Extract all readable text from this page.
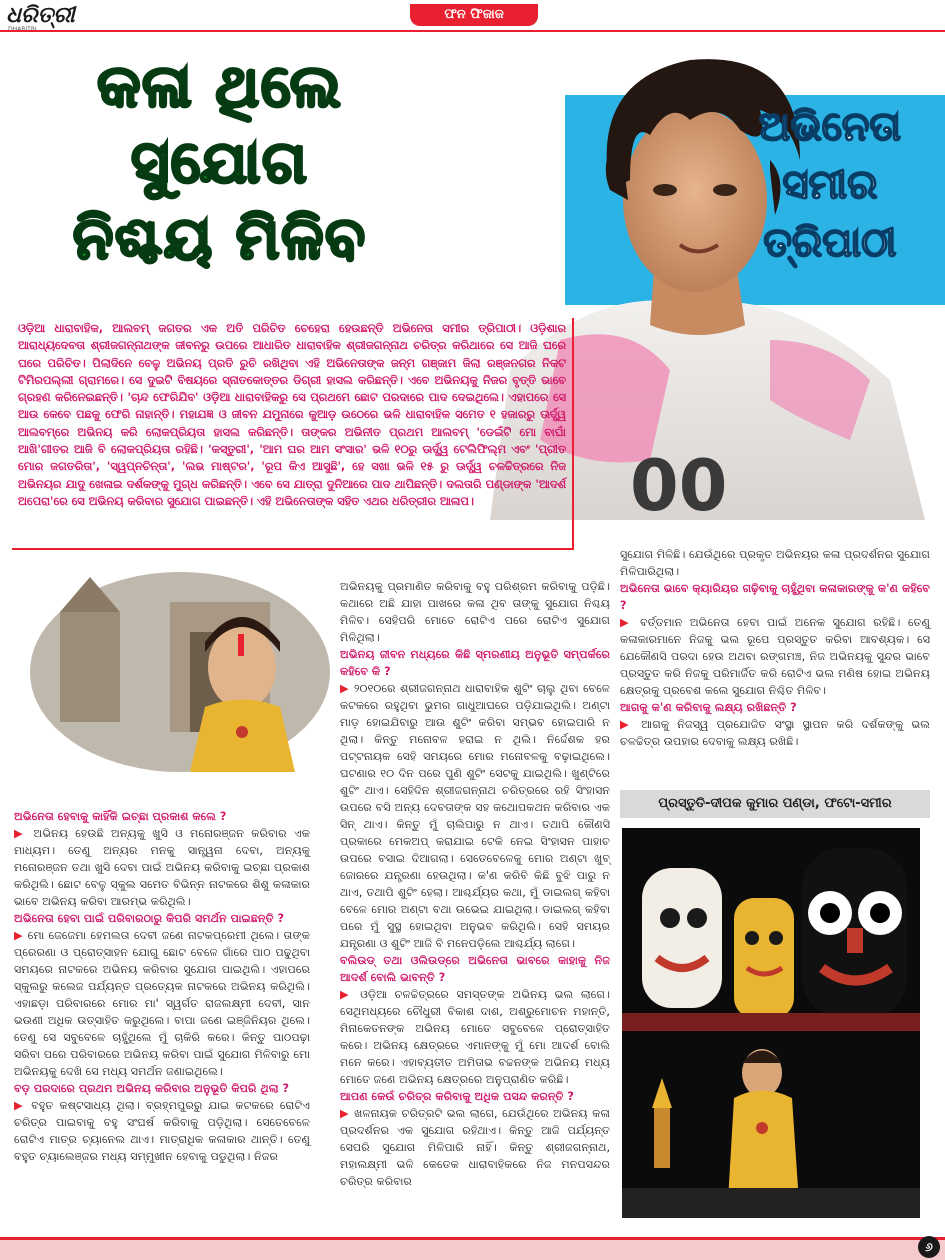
ଧରିତ୍ରୀ	ଫନ ଫିଜାଜ
କଳା ଥିଲେ
ସୁଯୋଗ
ନିଶ୍ଚୟ ମିଳିବ
00
ଅଭିନେତା
ସମୀର
ତ୍ରିପାଠୀ
ଓଡ଼ିଆ ଧାରାବାହିକ, ଆଲବମ୍ ଜଗତର ଏକ ଅତି ପରିଚିତ ଚେହେରା ହେଉଛନ୍ତି ଅଭିନେତା ସମୀର ତ୍ରିପାଠୀ। ଓଡ଼ିଶାର ଆରାଧ୍ୟଦେବତା ଶ୍ରୀଜଗନ୍ନାଥଙ୍କ ଜୀବନରୁ ଉପରେ ଆଧାରିତ ଧାରାବାହିକ ଶ୍ରୀଜଗନ୍ନାଥ ଚରିତ୍ର କରିଥାରେ ସେ ଆଜି ଘରେ ଘରେ ପରିଚିତ। ପିଲାଦିନେ ବେଳୁ ଅଭିନୟ ପ୍ରତି ରୁଚି ରଖିଥିବା ଏହି ଅଭିନେତାଙ୍କ ଜନ୍ମ ଗଞ୍ଜାମ ଜିଲା ରଞ୍ଜନଗର ନିକଟ ଟିମିରପଲ୍ଲୀ ଗ୍ରାମରେ। ସେ ଦୁଇଟି ବିଷୟରେ ସ୍ନାତକୋତ୍ତର ଡିଗ୍ରୀ ହାସଲ କରିଛନ୍ତି। ଏବେ ଅଭିନୟକୁ ନିଜର ବୃତ୍ତି ଭାବେ ଗ୍ରହଣ କରିନେଇଛନ୍ତି। 'ଚାନ୍ଦ ଫେରିଯିବ' ଓଡ଼ିଆ ଧାରାବାହିକରୁ ସେ ପ୍ରଥମେ ଛୋଟ ପରଦାରେ ପାଦ ଦେଇଥିଲେ। ଏହାପରେ ସେ ଆଉ କେବେ ପଛକୁ ଫେରି ନାହାନ୍ତି। ମହାଯଜ୍ଞ ଓ ଜୀବନ ଯମୁନାରେ କୁଆଡ଼ ଉଠେରେ ଭଳି ଧାରାବାହିକ ସମେତ ୧ ହଜାରରୁ ଊର୍ଦ୍ଧ୍ୱ ଆଲବମ୍‌ରେ ଅଭିନୟ କରି ଲୋକପ୍ରିୟତା ହାସଲ କରିଛନ୍ତି। ତାଙ୍କର ଅଭିନୀତ ପ୍ରଥମ ଆଲବମ୍ 'ଡେଇଁଟି ମୋ ବାଘାଁ ଆଖି'ଗୀତର ଆଜି ବି ଲୋକପ୍ରିୟତା ରହିଛି। 'କସ୍ତୁରୀ', 'ଆମ ଘର ଆମ ସଂସାର' ଭଳି ୧୦ରୁ ଊର୍ଦ୍ଧ୍ୱ ଟେଲିଫିଲ୍ମ ଏବଂ 'ପ୍ରୀତ ମୋର ଜଗତରିତା', 'ସ୍ୱପ୍ନଚିନ୍ତା', 'ଲଭ ମାଷ୍ଟର', 'ରୂପ କିଏ ଆସୁଛି', ହେ ସଖା ଭଳି ୧୫ ରୁ ଊର୍ଦ୍ଧ୍ୱ ଚଳଚ୍ଚିତ୍ରରେ ନିଜ ଅଭିନୟର ଯାଦୁ ଖେଳାଇ ଦର୍ଶକଙ୍କୁ ମୁଗ୍ଧ କରିଛନ୍ତି। ଏବେ ସେ ଯାତ୍ରା ଦୁନିଆରେ ପାଦ ଥାପିଛନ୍ତି। ଦଲତାରି ପଣ୍ଡାଙ୍କ 'ଆଦର୍ଶ ଅପେରା'ରେ ସେ ଅଭିନୟ କରିବାର ସୁଯୋଗ ପାଇଛନ୍ତି। ଏହି ଅଭିନେତାଙ୍କ ସହିତ ଏଥର ଧରିତ୍ରୀର ଆଳାପ।
ଅଭିନେତା ହେବାକୁ କାହିଁକି ଇଚ୍ଛା ପ୍ରକାଶ କଲେ ?
▶ ଅଭିନୟ ହେଉଛି ଅନ୍ୟକୁ ଖୁସି ଓ ମନୋରଞ୍ଜନ କରିବାର ଏକ ମାଧ୍ୟମ। ତେଣୁ ଅନ୍ୟର ମନକୁ ସାନ୍ତ୍ୱନା ଦେବା, ଅନ୍ୟକୁ ମନୋରଞ୍ଜନ ତଥା ଖୁସି ଦେବା ପାଇଁ ଅଭିନୟ କରିବାକୁ ଇଚ୍ଛା ପ୍ରକାଶ କରିଥିଲି। ଛୋଟ ବେଳୁ ସ୍କୁଲ ସମେତ ବିଭିନ୍ନ ନାଟକରେ ଶିଶୁ କଳାକାର ଭାବେ ଅଭିନୟ କରିବା ଆରମ୍ଭ କରିଥିଲି।
ଅଭିନେତା ହେବା ପାଇଁ ପରିବାରଠାରୁ କିପରି ସମର୍ଥନ ପାଇଛନ୍ତି ?
▶ ମୋ ଜେଜେମା ହେମଲତା ଦେବୀ ଜଣେ ନାଟକପ୍ରେମୀ ଥିଲେ। ତାଙ୍କ ପ୍ରେରଣା ଓ ପ୍ରୋତ୍ସାହନ ଯୋଗୁ ଛୋଟ ବେଳେ ଗାଁରେ ପାଠ ପଢୁଥିବା ସମୟରେ ନାଟକରେ ଅଭିନୟ କରିବାର ସୁଯୋଗ ପାଇଥିଲି। ଏହାପରେ ସ୍କୁଲରୁ କଲେଜ ପର୍ଯ୍ୟନ୍ତ ପ୍ରତ୍ୟେକ ନାଟକରେ ଅଭିନୟ କରିଥିଲି। ଏହାଛଡ଼ା ପରିବାରରେ ମୋର ମା' ସ୍ୱର୍ଗତ ରାଜଲକ୍ଷ୍ମୀ ଦେବୀ, ସାନ ଭଉଣୀ ଅଧିକ ଉତ୍ସାହିତ କରୁଥିଲେ। ବାପା ଜଣେ ଇଞ୍ଜିନିୟର ଥିଲେ। ତେଣୁ ସେ ସବୁବେଳେ ଚାହୁଁଥିଲେ ମୁଁ ଚାକିରି କରେ। କିନ୍ତୁ ପାଠପଢ଼ା ସରିବା ପରେ ପରିବାରରେ ଅଭିନୟ କରିବା ପାଇଁ ସୁଯୋଗ ମିଳିବାରୁ ମୋ ଅଭିନୟକୁ ଦେଖି ସେ ମଧ୍ୟ ସମର୍ଥନ ଜଣାଇଥିଲେ।
ବଡ଼ ପରଦାରେ ପ୍ରଥମ ଅଭିନୟ କରିବାର ଅନୁଭୂତି କିପରି ଥିଲା ?
▶ ବହୁତ କଷ୍ଟସାଧ୍ୟ ଥିଲା। ବ୍ରହ୍ମପୁରରୁ ଯାଇ କଟକରେ ରୋଟିଏ ଚରିତ୍ର ପାଇବାକୁ ବହୁ ସଂଘର୍ଷ କରିବାକୁ ପଡ଼ିଥିଲା। ସେତେବେଳେ ରୋଟିଏ ମାତ୍ର ଚ୍ୟାନେଲ ଥାଏ। ମାତ୍ରାଧିକ କଳାକାର ଥାନ୍ତି। ତେଣୁ ବହୁତ ଚ୍ୟାଲେଞ୍ଜର ମଧ୍ୟ ସମ୍ମୁଖୀନ ହେବାକୁ ପଡୁଥିଲା। ନିଜର
ଅଭିନୟକୁ ପ୍ରମାଣିତ କରିବାକୁ ବହୁ ପରିଶ୍ରମ କରିବାକୁ ପଡ଼ିଛି। କଥାରେ ଅଛି ଯାହା ପାଖରେ କଳା ଥିବ ତାଙ୍କୁ ସୁଯୋଗ ନିଶ୍ଚୟ ମିଳିବ। ସେହିପରି ମୋତେ ରୋଟିଏ ପରେ ରୋଟିଏ ସୁଯୋଗ ମିଳିଥିଲା।
ଅଭିନୟ ଜୀବନ ମଧ୍ୟରେ କିଛି ସ୍ମରଣୀୟ ଅନୁଭୂତି ସମ୍ପର୍କରେ କହିବେ କି ?
▶ ୨୦୧୦ରେ ଶ୍ରୀଜଗନ୍ନାଥ ଧାରାବାହିକ ଶୁଟିଂ ଚାଲୁ ଥିବା ବେଳେ କଟକରେ ରହୁଥିବା ଭୁମର ଗାଧୁଆଘରେ ପଡ଼ିଯାଇଥିଲି। ଅଣ୍ଟା ମାଡ଼ ହୋଇଯିବାରୁ ଆଉ ଶୁଟିଂ କରିବା ସମ୍ଭବ ହୋଇପାରି ନ ଥିଲା। କିନ୍ତୁ ମନୋବଳ ହରାଇ ନ ଥିଲି। ନିର୍ଦ୍ଦେଶକ ହର ପଟ୍ଟନାୟକ ସେହି ସମୟରେ ମୋର ମନୋବଳକୁ ବଢ଼ାଇଥିଲେ। ଘଟଣାର ୧୦ ଦିନ ପରେ ପୁଣି ଶୁଟିଂ ସେଟକୁ ଯାଇଥିଲି। ଖୁଣ୍ଟିରେ ଶୁଟିଂ ଥାଏ। ସେହିଦିନ ଶ୍ରୀଜଗନ୍ନାଥ ଚରିତ୍ରରେ ରହି ସିଂହାସନ ଉପରେ ବସି ଅନ୍ୟ ଦେବତାଙ୍କ ସହ କଥୋପକଥନ କରିବାର ଏକ ସିନ୍ ଥାଏ। କିନ୍ତୁ ମୁଁ ଚାଲିପାରୁ ନ ଥାଏ। ତଥାପି କୌଣସି ପ୍ରକାରେ ମେକଅପ୍ କରାଯାଇ ଟେକି ନେଇ ସିଂହାସନ ପାହାଚ ଉପରେ ବସାଇ ଦିଆଗଲା। ସେତେବେଳେକୁ ମୋର ଅଣ୍ଟା ଖୁବ୍ ଜୋରରେ ଯନ୍ତ୍ରଣା ହେଉଥିଲା। କ'ଣ କରିବି କିଛି ବୁଝି ପାରୁ ନ ଥାଏ, ତଥାପି ଶୁଟିଂ ହେଲା। ଆଶ୍ଚର୍ଯ୍ୟର କଥା, ମୁଁ ଡାଇଲଗ୍ କହିବା ବେଳେ ମୋର ଅଣ୍ଟା ବଥା ଉଭେଇ ଯାଇଥିଲା। ଡାଇଲଗ୍ କହିବା ପରେ ମୁଁ ସୁସ୍ଥ ହୋଇଥିବା ଅନୁଭବ କରିଥିଲି। ସେହି ସମୟର ଯନ୍ତ୍ରଣା ଓ ଶୁଟିଂ ଆଜି ବି ମନେପଡ଼ିଲେ ଆଶ୍ଚର୍ଯ୍ୟ ଲାଗେ।
ବଲିଉଡ୍ ତଥା ଓଲିଉଡ୍‌ରେ ଅଭିନେତା ଭାବରେ କାହାକୁ ନିଜ ଆଦର୍ଶ ବୋଲି ଭାବନ୍ତି ?
▶ ଓଡ଼ିଆ ଚଳଚ୍ଚିତ୍ରରେ ସମସ୍ତଙ୍କ ଅଭିନୟ ଭଲ ଲାଗେ। ସେଥିମଧ୍ୟରେ ଚୌଧୁରୀ ବିକାଶ ଦାଶ, ଅଶ୍ରୁମୋଚନ ମହାନ୍ତି, ମିନାକେତନଙ୍କ ଅଭିନୟ ମୋତେ ସବୁବେଳେ ପ୍ରୋତ୍ସାହିତ କରେ। ଅଭିନୟ କ୍ଷେତ୍ରରେ ଏମାନଙ୍କୁ ମୁଁ ମୋ ଆଦର୍ଶ ବୋଲି ମନେ କରେ। ଏହାବ୍ୟତୀତ ଅମିତାଭ ବଚ୍ଚନଙ୍କ ଅଭିନୟ ମଧ୍ୟ ମୋତେ ଜଣେ ଅଭିନୟ କ୍ଷେତ୍ରରେ ଅନୁପ୍ରାଣିତ କରିଛି।
ଆପଣ କେଉଁ ଚରିତ୍ର କରିବାକୁ ଅଧିକ ପସନ୍ଦ କରନ୍ତି ?
▶ ଖଳନାୟକ ଚରିତ୍ରଟି ଭଲ ଲାଗେ, ଯେଉଁଥିରେ ଅଭିନୟ କଳା ପ୍ରଦର୍ଶନର ଏକ ସୁଯୋଗ ରହିଥାଏ। କିନ୍ତୁ ଆଜି ପର୍ଯ୍ୟନ୍ତ ସେପରି ସୁଯୋଗ ମିଳିପାରି ନାହିଁ। କିନ୍ତୁ ଶ୍ରୀଜଗନ୍ନାଥ, ମହାଲକ୍ଷ୍ମୀ ଭଳି କେତେକ ଧାରାବାହିକରେ ନିଜ ମନପସନ୍ଦର ଚରିତ୍ର କରିବାର
ସୁଯୋଗ ମିଳିଛି। ଯେଉଁଥିରେ ପ୍ରକୃତ ଅଭିନୟର କଳା ପ୍ରଦର୍ଶନର ସୁଯୋଗ ମିଳିପାରିଥିଲା।
ଅଭିନେତା ଭାବେ କ୍ୟାରିୟର ଗଢ଼ିବାକୁ ଚାହୁଁଥିବା କଳାକାରଙ୍କୁ କ'ଣ କହିବେ ?
▶ ବର୍ତ୍ତମାନ ଅଭିନେତା ହେବା ପାଇଁ ଅନେକ ସୁଯୋଗ ରହିଛି। ତେଣୁ କଳାକାରମାନେ ନିଜକୁ ଭଲ ରୂପେ ପ୍ରସ୍ତୁତ କରିବା ଆବଶ୍ୟକ। ସେ ଯେକୌଣସି ପରଦା ହେଉ ଅଥବା ରଙ୍ଗମଞ୍ଚ, ନିଜ ଅଭିନୟକୁ ସୁନ୍ଦର ଭାବେ ପ୍ରସ୍ତୁତ କରି ନିଜକୁ ପରିମାର୍ଜିତ କରି ରୋଟିଏ ଭଲ ମଣିଷ ହୋଇ ଅଭିନୟ କ୍ଷେତ୍ରକୁ ପ୍ରବେଶ କଲେ ସୁଯୋଗ ନିଶ୍ଚିତ ମିଳିବ।
ଆଗକୁ କ'ଣ କରିବାକୁ ଲକ୍ଷ୍ୟ ରଖିଛନ୍ତି ?
▶ ଆଗକୁ ନିଜସ୍ୱ ପ୍ରଯୋଜିତ ସଂସ୍ଥା ସ୍ଥାପନ କରି ଦର୍ଶକଙ୍କୁ ଭଲ ଚଳଚ୍ଚିତ୍ର ଉପହାର ଦେବାକୁ ଲକ୍ଷ୍ୟ ରଖିଛି।
ପ୍ରସ୍ତୁତି-ଦୀପକ କୁମାର ପଣ୍ଡା, ଫଟୋ-ସମୀର
୬
